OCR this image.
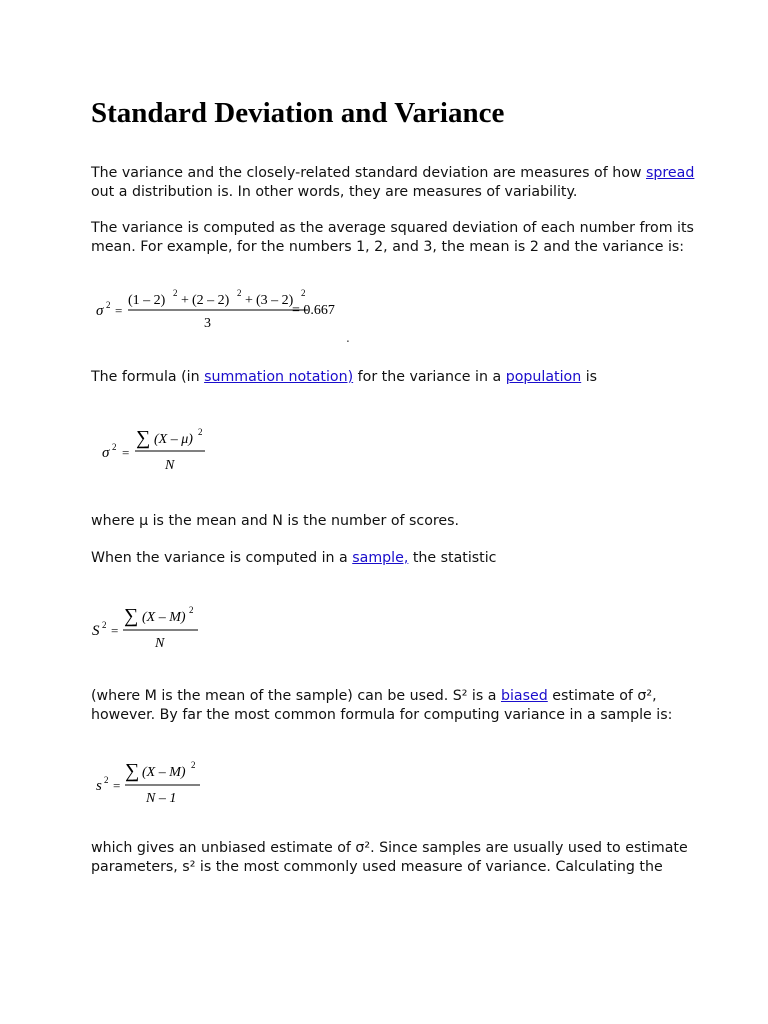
Standard Deviation and Variance

The variance and the closely-related standard deviation are measures of how spread
out a distribution is. In other words, they are measures of variability.

The variance is computed as the average squared deviation of each number from its
mean. For example, for the numbers 1, 2, and 3, the mean is 2 and the variance is:

σ 2 =
(1 – 2) 2 + (2 – 2) 2 + (3 – 2) 2
3
= 0.667
.

The formula (in summation notation) for the variance in a population is

σ 2 =
∑ (X – μ) 2
N

where μ is the mean and N is the number of scores.

When the variance is computed in a sample, the statistic

S 2 =
∑ (X – M) 2
N

(where M is the mean of the sample) can be used. S² is a biased estimate of σ²,
however. By far the most common formula for computing variance in a sample is:

s 2 =
∑ (X – M) 2
N – 1

which gives an unbiased estimate of σ². Since samples are usually used to estimate
parameters, s² is the most commonly used measure of variance. Calculating the
